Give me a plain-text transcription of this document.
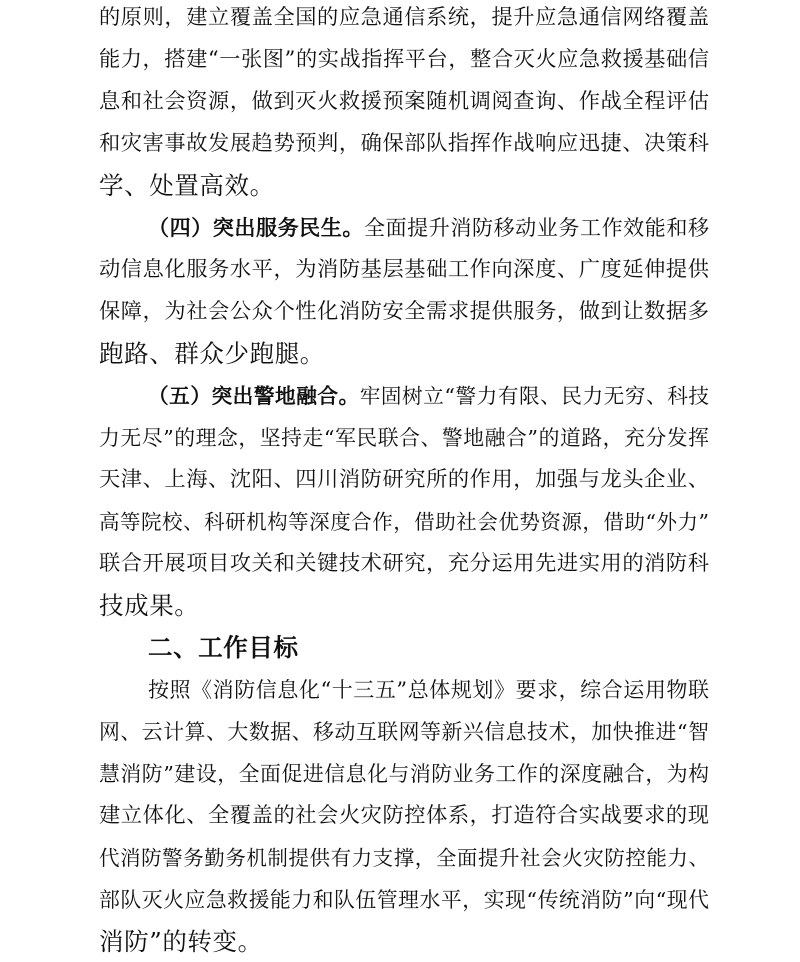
的原则，建立覆盖全国的应急通信系统，提升应急通信网络覆盖
能力，搭建“一张图”的实战指挥平台，整合灭火应急救援基础信
息和社会资源，做到灭火救援预案随机调阅查询、作战全程评估
和灾害事故发展趋势预判，确保部队指挥作战响应迅捷、决策科
学、处置高效。
（四）突出服务民生。全面提升消防移动业务工作效能和移
动信息化服务水平，为消防基层基础工作向深度、广度延伸提供
保障，为社会公众个性化消防安全需求提供服务，做到让数据多
跑路、群众少跑腿。
（五）突出警地融合。牢固树立“警力有限、民力无穷、科技
力无尽”的理念，坚持走“军民联合、警地融合”的道路，充分发挥
天津、上海、沈阳、四川消防研究所的作用，加强与龙头企业、
高等院校、科研机构等深度合作，借助社会优势资源，借助“外力”
联合开展项目攻关和关键技术研究，充分运用先进实用的消防科
技成果。
二、工作目标
按照《消防信息化“十三五”总体规划》要求，综合运用物联
网、云计算、大数据、移动互联网等新兴信息技术，加快推进“智
慧消防”建设，全面促进信息化与消防业务工作的深度融合，为构
建立体化、全覆盖的社会火灾防控体系，打造符合实战要求的现
代消防警务勤务机制提供有力支撑，全面提升社会火灾防控能力、
部队灭火应急救援能力和队伍管理水平，实现“传统消防”向“现代
消防”的转变。
